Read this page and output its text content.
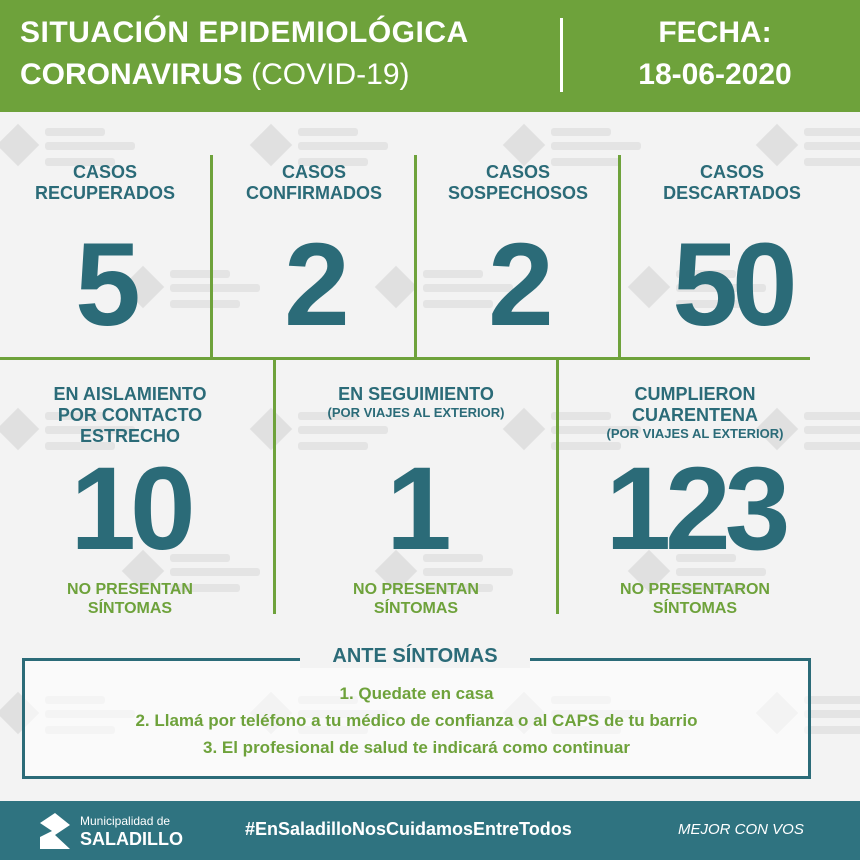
SITUACIÓN EPIDEMIOLÓGICA
CORONAVIRUS (COVID-19)
FECHA:
18-06-2020
CASOS
RECUPERADOS
5
CASOS
CONFIRMADOS
2
CASOS
SOSPECHOSOS
2
CASOS
DESCARTADOS
50
EN AISLAMIENTO POR CONTACTO ESTRECHO
10
NO PRESENTAN
SÍNTOMAS
EN SEGUIMIENTO
(POR VIAJES AL EXTERIOR)
1
NO PRESENTAN
SÍNTOMAS
CUMPLIERON CUARENTENA
(POR VIAJES AL EXTERIOR)
123
NO PRESENTARON
SÍNTOMAS
ANTE SÍNTOMAS
1. Quedate en casa
2. Llamá por teléfono a tu médico de confianza o al CAPS de tu barrio
3. El profesional de salud te indicará como continuar
Municipalidad de
SALADILLO	#EnSaladilloNosCuidamosEntreTodos	MEJOR CON VOS
